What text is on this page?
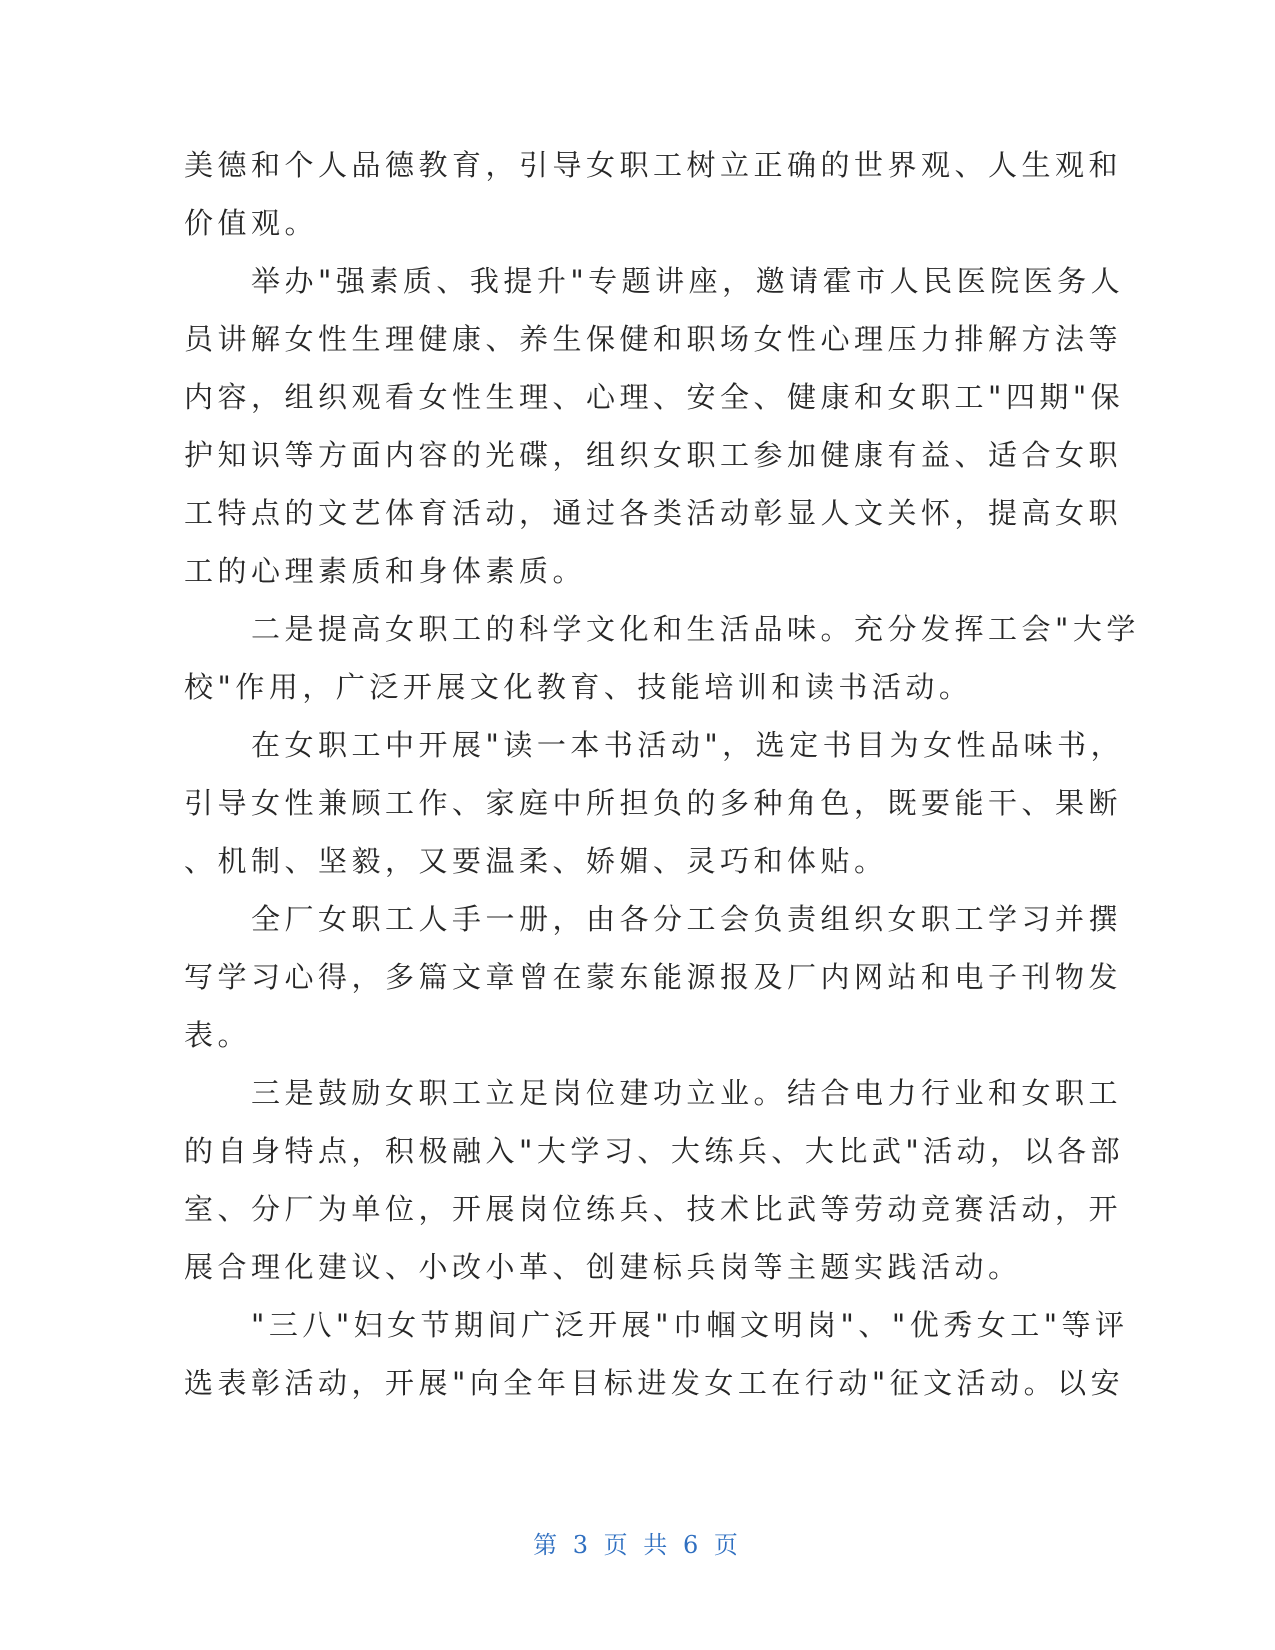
美德和个人品德教育，引导女职工树立正确的世界观、人生观和
价值观。
　　举办"强素质、我提升"专题讲座，邀请霍市人民医院医务人
员讲解女性生理健康、养生保健和职场女性心理压力排解方法等
内容，组织观看女性生理、心理、安全、健康和女职工"四期"保
护知识等方面内容的光碟，组织女职工参加健康有益、适合女职
工特点的文艺体育活动，通过各类活动彰显人文关怀，提高女职
工的心理素质和身体素质。
　　二是提高女职工的科学文化和生活品味。充分发挥工会"大学
校"作用，广泛开展文化教育、技能培训和读书活动。
　　在女职工中开展"读一本书活动"，选定书目为女性品味书，
引导女性兼顾工作、家庭中所担负的多种角色，既要能干、果断
、机制、坚毅，又要温柔、娇媚、灵巧和体贴。
　　全厂女职工人手一册，由各分工会负责组织女职工学习并撰
写学习心得，多篇文章曾在蒙东能源报及厂内网站和电子刊物发
表。
　　三是鼓励女职工立足岗位建功立业。结合电力行业和女职工
的自身特点，积极融入"大学习、大练兵、大比武"活动，以各部
室、分厂为单位，开展岗位练兵、技术比武等劳动竞赛活动，开
展合理化建议、小改小革、创建标兵岗等主题实践活动。
　　"三八"妇女节期间广泛开展"巾帼文明岗"、"优秀女工"等评
选表彰活动，开展"向全年目标进发女工在行动"征文活动。以安
第 3 页 共 6 页
